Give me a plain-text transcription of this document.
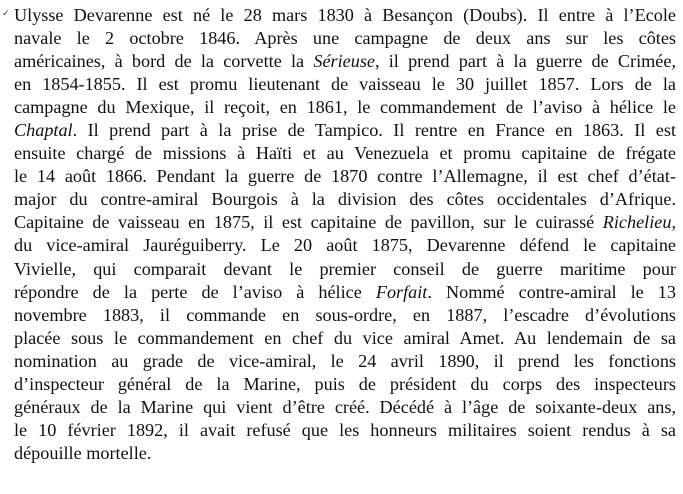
✓ Ulysse Devarenne est né le 28 mars 1830 à Besançon (Doubs). Il entre à l’Ecole
navale le 2 octobre 1846. Après une campagne de deux ans sur les côtes
américaines, à bord de la corvette la Sérieuse, il prend part à la guerre de Crimée,
en 1854-1855. Il est promu lieutenant de vaisseau le 30 juillet 1857. Lors de la
campagne du Mexique, il reçoit, en 1861, le commandement de l’aviso à hélice le
Chaptal. Il prend part à la prise de Tampico. Il rentre en France en 1863. Il est
ensuite chargé de missions à Haïti et au Venezuela et promu capitaine de frégate
le 14 août 1866. Pendant la guerre de 1870 contre l’Allemagne, il est chef d’état-
major du contre-amiral Bourgois à la division des côtes occidentales d’Afrique.
Capitaine de vaisseau en 1875, il est capitaine de pavillon, sur le cuirassé Richelieu,
du vice-amiral Jauréguiberry. Le 20 août 1875, Devarenne défend le capitaine
Vivielle, qui comparait devant le premier conseil de guerre maritime pour
répondre de la perte de l’aviso à hélice Forfait. Nommé contre-amiral le 13
novembre 1883, il commande en sous-ordre, en 1887, l’escadre d’évolutions
placée sous le commandement en chef du vice amiral Amet. Au lendemain de sa
nomination au grade de vice-amiral, le 24 avril 1890, il prend les fonctions
d’inspecteur général de la Marine, puis de président du corps des inspecteurs
généraux de la Marine qui vient d’être créé. Décédé à l’âge de soixante-deux ans,
le 10 février 1892, il avait refusé que les honneurs militaires soient rendus à sa
dépouille mortelle.
